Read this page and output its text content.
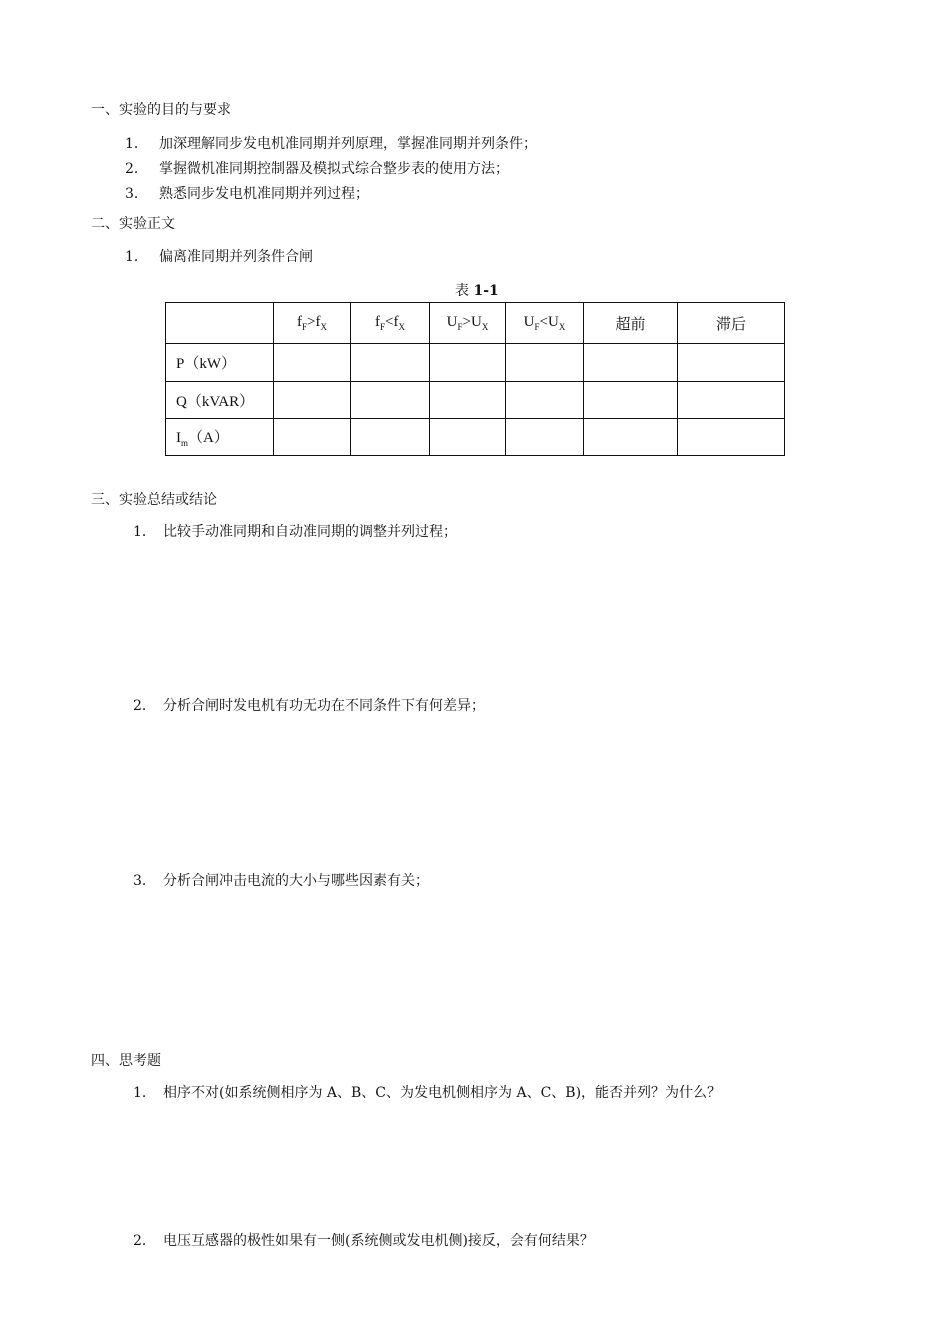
一、实验的目的与要求
1． 加深理解同步发电机准同期并列原理，掌握准同期并列条件；
2． 掌握微机准同期控制器及模拟式综合整步表的使用方法；
3． 熟悉同步发电机准同期并列过程；
二、实验正文
1． 偏离准同期并列条件合闸
表 1-1
	$f_F>f_X$	$f_F<f_X$	$U_F>U_X$	$U_F<U_X$	超前	滞后
P（kW）						
Q（kVAR）						
$I_m(A)$						
三、实验总结或结论
1． 比较手动准同期和自动准同期的调整并列过程；
2． 分析合闸时发电机有功无功在不同条件下有何差异；
3． 分析合闸冲击电流的大小与哪些因素有关；
四、思考题
1． 相序不对(如系统侧相序为 A、B、C、为发电机侧相序为 A、C、B)，能否并列？为什么？
2． 电压互感器的极性如果有一侧(系统侧或发电机侧)接反，会有何结果？
